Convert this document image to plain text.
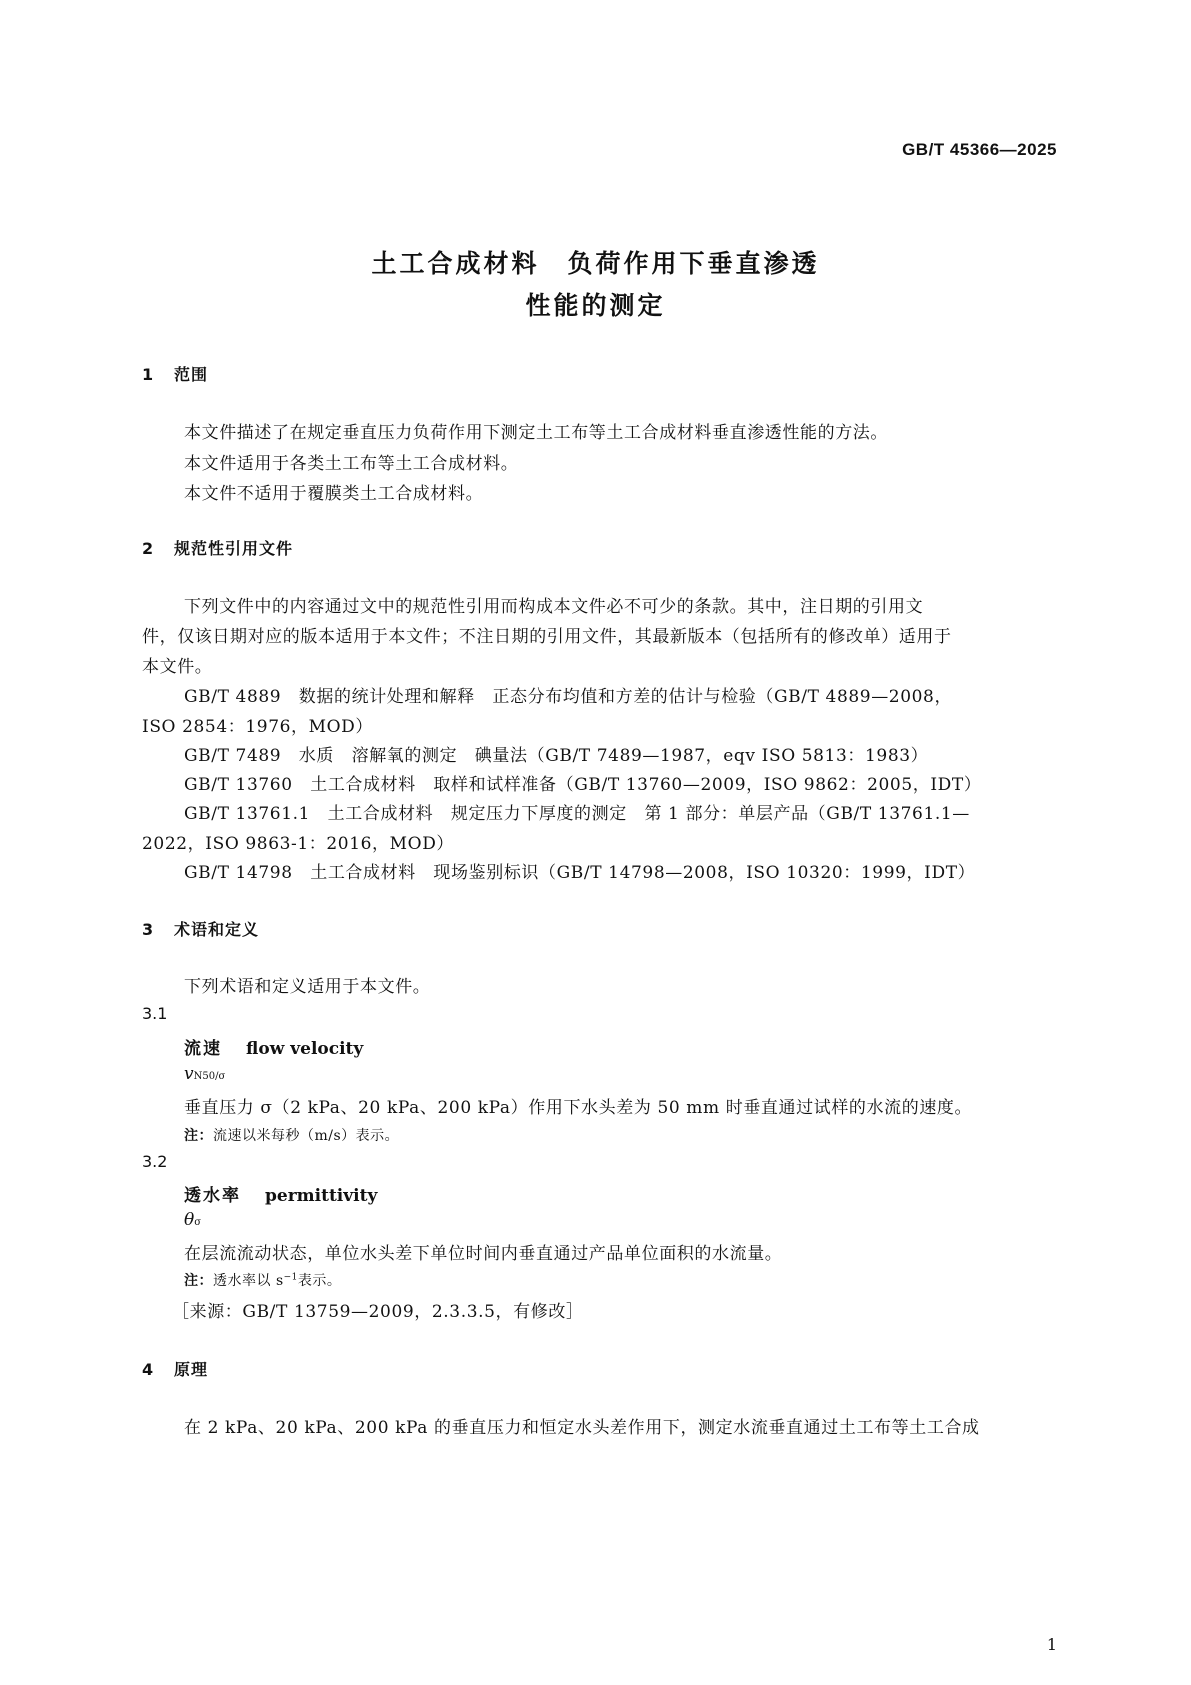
GB/T 45366—2025
土工合成材料　负荷作用下垂直渗透
性能的测定
1 范围
本文件描述了在规定垂直压力负荷作用下测定土工布等土工合成材料垂直渗透性能的方法。
本文件适用于各类土工布等土工合成材料。
本文件不适用于覆膜类土工合成材料。
2 规范性引用文件
下列文件中的内容通过文中的规范性引用而构成本文件必不可少的条款。其中，注日期的引用文
件，仅该日期对应的版本适用于本文件；不注日期的引用文件，其最新版本（包括所有的修改单）适用于
本文件。
GB/T 4889　数据的统计处理和解释　正态分布均值和方差的估计与检验（GB/T 4889—2008，
ISO 2854：1976，MOD）
GB/T 7489　水质　溶解氧的测定　碘量法（GB/T 7489—1987，eqv ISO 5813：1983）
GB/T 13760　土工合成材料　取样和试样准备（GB/T 13760—2009，ISO 9862：2005，IDT）
GB/T 13761.1　土工合成材料　规定压力下厚度的测定　第 1 部分：单层产品（GB/T 13761.1—
2022，ISO 9863-1：2016，MOD）
GB/T 14798　土工合成材料　现场鉴别标识（GB/T 14798—2008，ISO 10320：1999，IDT）
3 术语和定义
下列术语和定义适用于本文件。
3.1
流速 flow velocity
vN50/σ
垂直压力 σ（2 kPa、20 kPa、200 kPa）作用下水头差为 50 mm 时垂直通过试样的水流的速度。
注：流速以米每秒（m/s）表示。
3.2
透水率 permittivity
θσ
在层流流动状态，单位水头差下单位时间内垂直通过产品单位面积的水流量。
注：透水率以 $s^{-1}$表示。
［来源：GB/T 13759—2009，2.3.3.5，有修改］
4 原理
在 2 kPa、20 kPa、200 kPa 的垂直压力和恒定水头差作用下，测定水流垂直通过土工布等土工合成
1
